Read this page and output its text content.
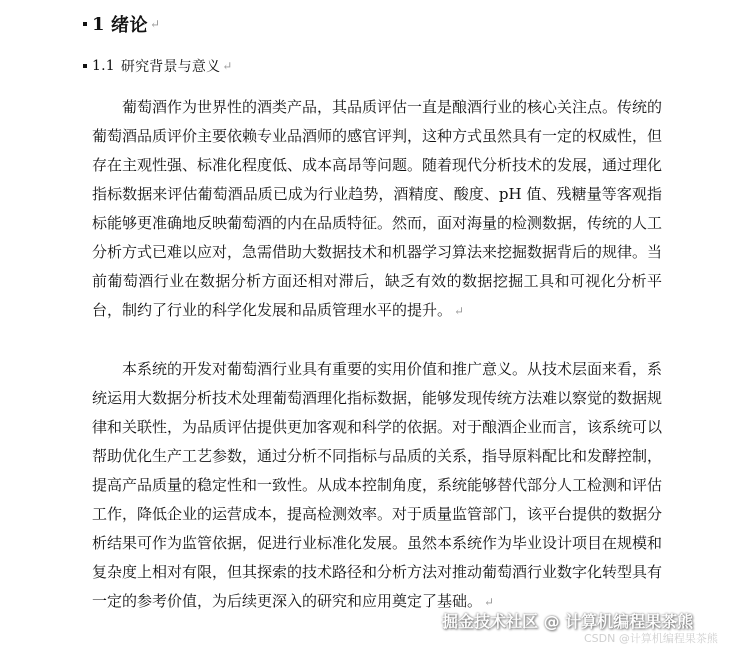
1 绪论 ↵
1.1 研究背景与意义 ↵
葡萄酒作为世界性的酒类产品，其品质评估一直是酿酒行业的核心关注点。传统的葡萄酒品质评价主要依赖专业品酒师的感官评判，这种方式虽然具有一定的权威性，但存在主观性强、标准化程度低、成本高昂等问题。随着现代分析技术的发展，通过理化指标数据来评估葡萄酒品质已成为行业趋势，酒精度、酸度、pH 值、残糖量等客观指标能够更准确地反映葡萄酒的内在品质特征。然而，面对海量的检测数据，传统的人工分析方式已难以应对，急需借助大数据技术和机器学习算法来挖掘数据背后的规律。当前葡萄酒行业在数据分析方面还相对滞后，缺乏有效的数据挖掘工具和可视化分析平台，制约了行业的科学化发展和品质管理水平的提升。 ↵
本系统的开发对葡萄酒行业具有重要的实用价值和推广意义。从技术层面来看，系统运用大数据分析技术处理葡萄酒理化指标数据，能够发现传统方法难以察觉的数据规律和关联性，为品质评估提供更加客观和科学的依据。对于酿酒企业而言，该系统可以帮助优化生产工艺参数，通过分析不同指标与品质的关系，指导原料配比和发酵控制，提高产品质量的稳定性和一致性。从成本控制角度，系统能够替代部分人工检测和评估工作，降低企业的运营成本，提高检测效率。对于质量监管部门，该平台提供的数据分析结果可作为监管依据，促进行业标准化发展。虽然本系统作为毕业设计项目在规模和复杂度上相对有限，但其探索的技术路径和分析方法对推动葡萄酒行业数字化转型具有一定的参考价值，为后续更深入的研究和应用奠定了基础。 ↵
掘金技术社区 @ 计算机编程果茶熊
CSDN @计算机编程果茶熊
